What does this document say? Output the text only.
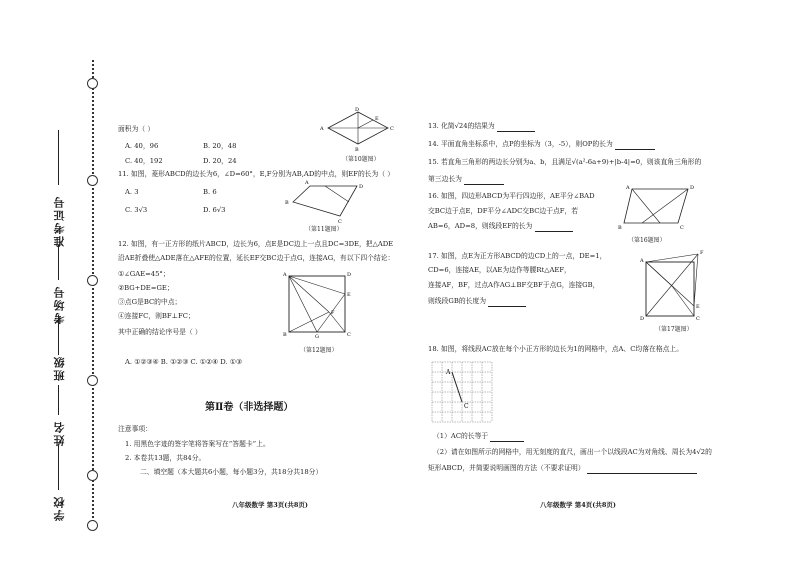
准考证号
考场号
班级
姓名
学校
面积为（ ）
A. 40，96	B. 20，48
C. 40，192	D. 20，24
A	C
D
B
E
（第10题图）
11. 如图，菱形ABCD的边长为6，∠D=60°，E,F分别为AB,AD的中点，则EF的长为（ ）
A. 3	B. 6
C. 3√3	D. 6√3
B
A
D
C
（第11题图）
12. 如图，有一正方形的纸片ABCD，边长为6，点E是DC边上一点且DC=3DE，把△ADE
沿AE折叠使△ADE落在△AFE的位置，延长EF交BC边于点G，连接AG，有以下四个结论：
①∠GAE=45°；
②BG+DE=GE；
③点G是BC的中点；
④连接FC，则BF⊥FC；
其中正确的结论序号是（ ）
A. ①②③④ B. ①②③ C. ①②④ D. ①③
A	D
E
F
B	G	C
（第12题图）
第Ⅱ卷（非选择题）
注意事项：
1. 用黑色字迹的签字笔将答案写在“答题卡”上。
2. 本卷共13题，共84分。
二、填空题（本大题共6小题，每小题3分，共18分共18分）
八年级数学 第3页(共8页)
13. 化简√24的结果为
14. 平面直角坐标系中，点P的坐标为（3，-5），则OP的长为
15. 若直角三角形的两边长分别为a、b，且满足√(a²-6a+9)+|b-4|=0，则该直角三角形的
第三边长为
16. 如图，四边形ABCD为平行四边形，AE平分∠BAD
交BC边于点E，DF平分∠ADC交BC边于点F，若
AB=6，AD=8，则线段EF的长为
A	D
B	C
（第16题图）
17. 如图，点E为正方形ABCD的边CD上的一点，DE=1，
CD=6，连接AE，以AE为边作等腰Rt△AEF，
连接AF，BF，过点A作AG⊥BF交BF于点G，连接GB，
则线段GB的长度为
A
F
E
D	C
（第17题图）
18. 如图，将线段AC放在每个小正方形的边长为1的网格中，点A、C均落在格点上。
A
C
（1）AC的长等于
（2）请在如图所示的网格中，用无刻度的直尺，画出一个以线段AC为对角线、周长为4√2的
矩形ABCD，并简要说明画图的方法（不要求证明）
八年级数学 第4页(共8页)
